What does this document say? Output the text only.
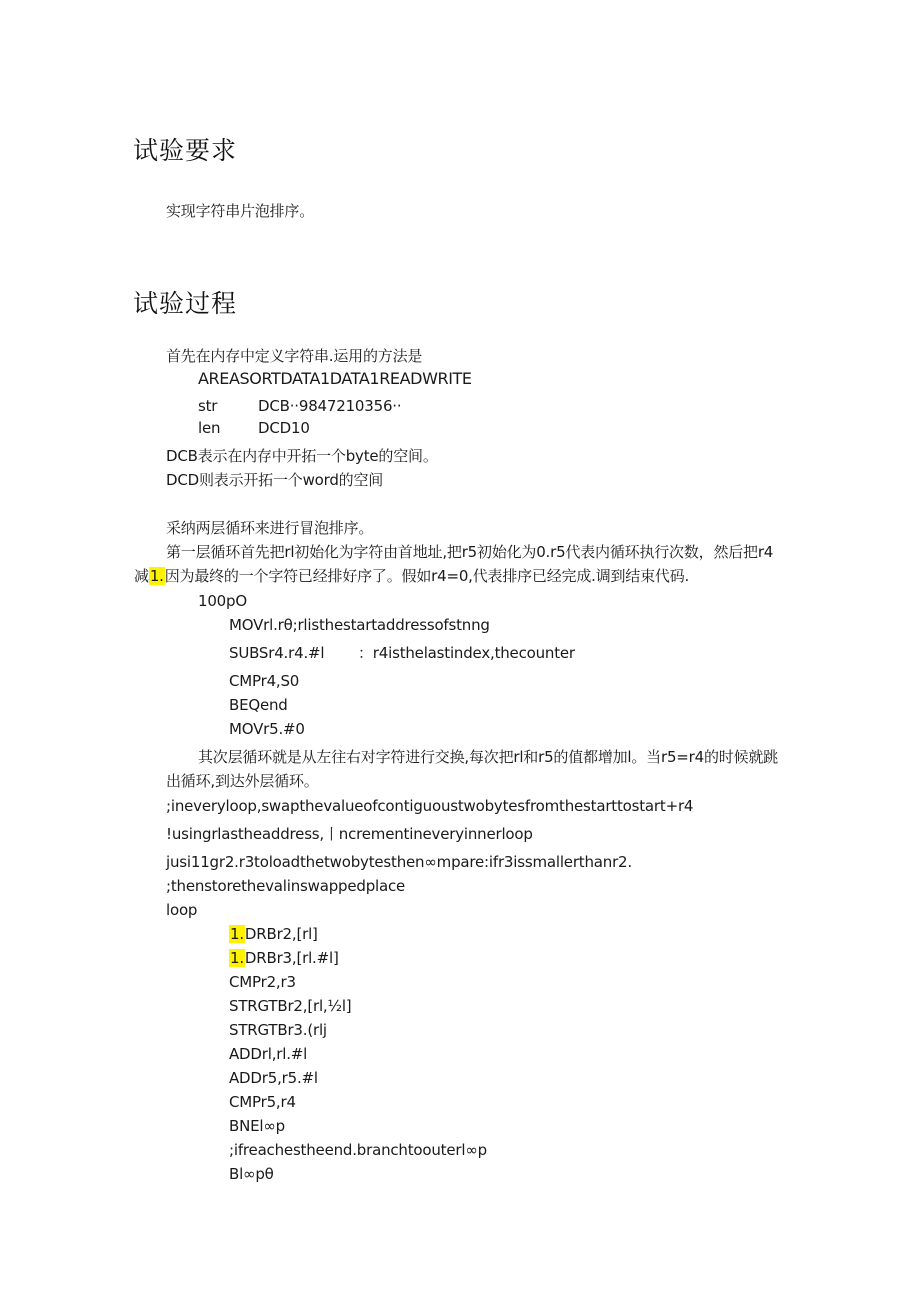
试验要求
实现字符串片泡排序。
试验过程
首先在内存中定义字符串.运用的方法是
AREASORTDATA1DATA1READWRITE
str	DCB··9847210356··
len	DCD10
DCB表示在内存中开拓一个byte的空间。
DCD则表示开拓一个word的空间
采纳两层循环来进行冒泡排序。
第一层循环首先把rl初始化为字符由首地址,把r5初始化为0.r5代表内循环执行次数，然后把r4
减1.因为最终的一个字符已经排好序了。假如r4=0,代表排序已经完成.调到结束代码.
100pO
MOVrl.rθ;rlisthestartaddressofstnng
SUBSr4.r4.#l ：r4isthelastindex,thecounter
CMPr4,S0
BEQend
MOVr5.#0
其次层循环就是从左往右对字符进行交换,每次把rl和r5的值都增加l。当r5=r4的时候就跳
出循环,到达外层循环。
;ineveryloop,swapthevalueofcontiguoustwobytesfromthestarttostart+r4
!usingrlastheaddress,丨ncrementineveryinnerloop
jusi11gr2.r3toloadthetwobytesthen∞mpare:ifr3issmallerthanr2.
;thenstorethevalinswappedplace
loop
1.DRBr2,[rl]
1.DRBr3,[rl.#l]
CMPr2,r3
STRGTBr2,[rl,½l]
STRGTBr3.(rlj
ADDrl,rl.#l
ADDr5,r5.#l
CMPr5,r4
BNEl∞p
;ifreachestheend.branchtoouterl∞p
Bl∞pθ
